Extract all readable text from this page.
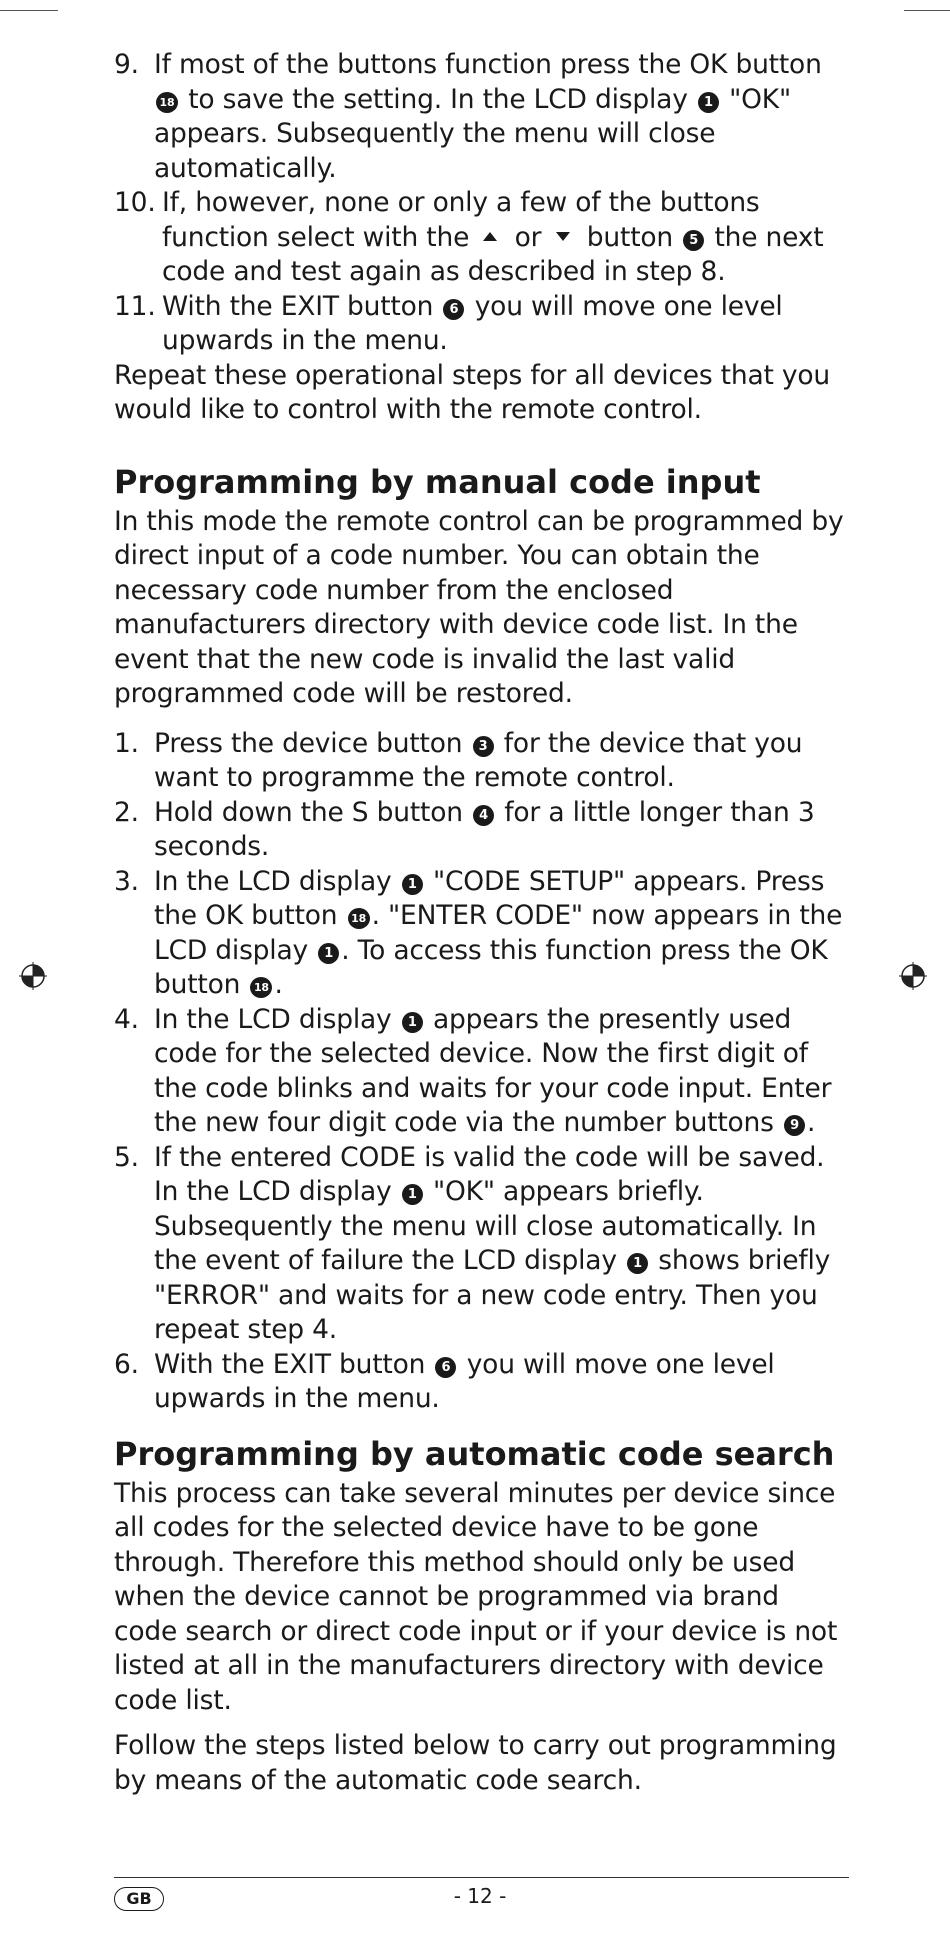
9. If most of the buttons function press the OK button 18 to save the setting. In the LCD display 1 "OK" appears. Subsequently the menu will close automatically.
10. If, however, none or only a few of the buttons function select with the  or  button 5 the next code and test again as described in step 8.
11. With the EXIT button 6 you will move one level upwards in the menu.

Repeat these operational steps for all devices that you would like to control with the remote control.

Programming by manual code input

In this mode the remote control can be programmed by direct input of a code number. You can obtain the necessary code number from the enclosed manufacturers directory with device code list. In the event that the new code is invalid the last valid programmed code will be restored.

1. Press the device button 3 for the device that you want to programme the remote control.
2. Hold down the S button 4 for a little longer than 3 seconds.
3. In the LCD display 1 "CODE SETUP" appears. Press the OK button 18 . "ENTER CODE" now appears in the LCD display 1 . To access this function press the OK button 18 .
4. In the LCD display 1 appears the presently used code for the selected device. Now the first digit of the code blinks and waits for your code input. Enter the new four digit code via the number buttons 9 .
5. If the entered CODE is valid the code will be saved. In the LCD display 1 "OK" appears briefly. Subsequently the menu will close automatically. In the event of failure the LCD display 1 shows briefly "ERROR" and waits for a new code entry. Then you repeat step 4.
6. With the EXIT button 6 you will move one level upwards in the menu.
Programming by automatic code search

This process can take several minutes per device since all codes for the selected device have to be gone through. Therefore this method should only be used when the device cannot be programmed via brand code search or direct code input or if your device is not listed at all in the manufacturers directory with device code list.

Follow the steps listed below to carry out programming by means of the automatic code search.

GB	- 12 -
